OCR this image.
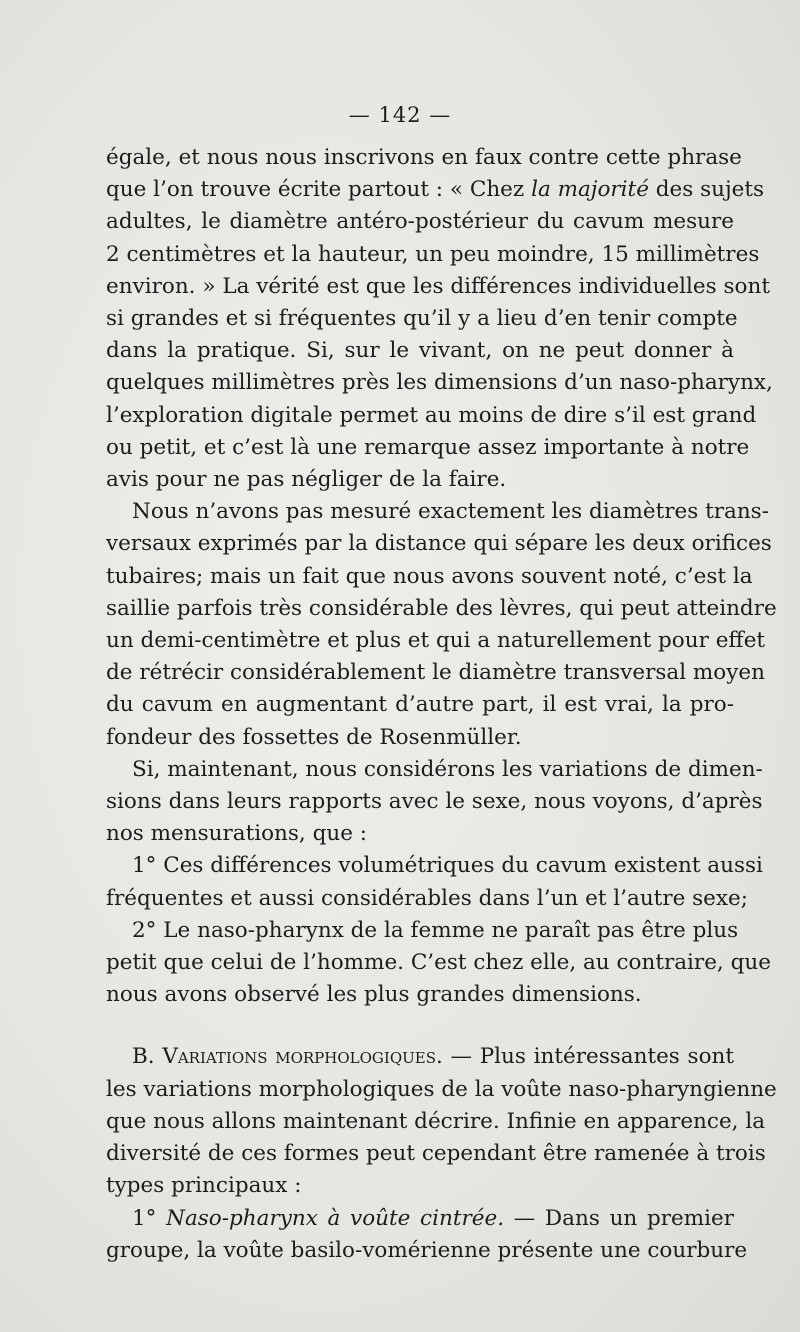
— 142 —
égale, et nous nous inscrivons en faux contre cette phrase
que l’on trouve écrite partout : « Chez la majorité des sujets
adultes, le diamètre antéro-postérieur du cavum mesure
2 centimètres et la hauteur, un peu moindre, 15 millimètres
environ. » La vérité est que les différences individuelles sont
si grandes et si fréquentes qu’il y a lieu d’en tenir compte
dans la pratique. Si, sur le vivant, on ne peut donner à
quelques millimètres près les dimensions d’un naso-pharynx,
l’exploration digitale permet au moins de dire s’il est grand
ou petit, et c’est là une remarque assez importante à notre
avis pour ne pas négliger de la faire.
Nous n’avons pas mesuré exactement les diamètres trans-
versaux exprimés par la distance qui sépare les deux orifices
tubaires; mais un fait que nous avons souvent noté, c’est la
saillie parfois très considérable des lèvres, qui peut atteindre
un demi-centimètre et plus et qui a naturellement pour effet
de rétrécir considérablement le diamètre transversal moyen
du cavum en augmentant d’autre part, il est vrai, la pro-
fondeur des fossettes de Rosenmüller.
Si, maintenant, nous considérons les variations de dimen-
sions dans leurs rapports avec le sexe, nous voyons, d’après
nos mensurations, que :
1° Ces différences volumétriques du cavum existent aussi
fréquentes et aussi considérables dans l’un et l’autre sexe;
2° Le naso-pharynx de la femme ne paraît pas être plus
petit que celui de l’homme. C’est chez elle, au contraire, que
nous avons observé les plus grandes dimensions.
B. Variations morphologiques. — Plus intéressantes sont
les variations morphologiques de la voûte naso-pharyngienne
que nous allons maintenant décrire. Infinie en apparence, la
diversité de ces formes peut cependant être ramenée à trois
types principaux :
1° Naso-pharynx à voûte cintrée. — Dans un premier
groupe, la voûte basilo-vomérienne présente une courbure
